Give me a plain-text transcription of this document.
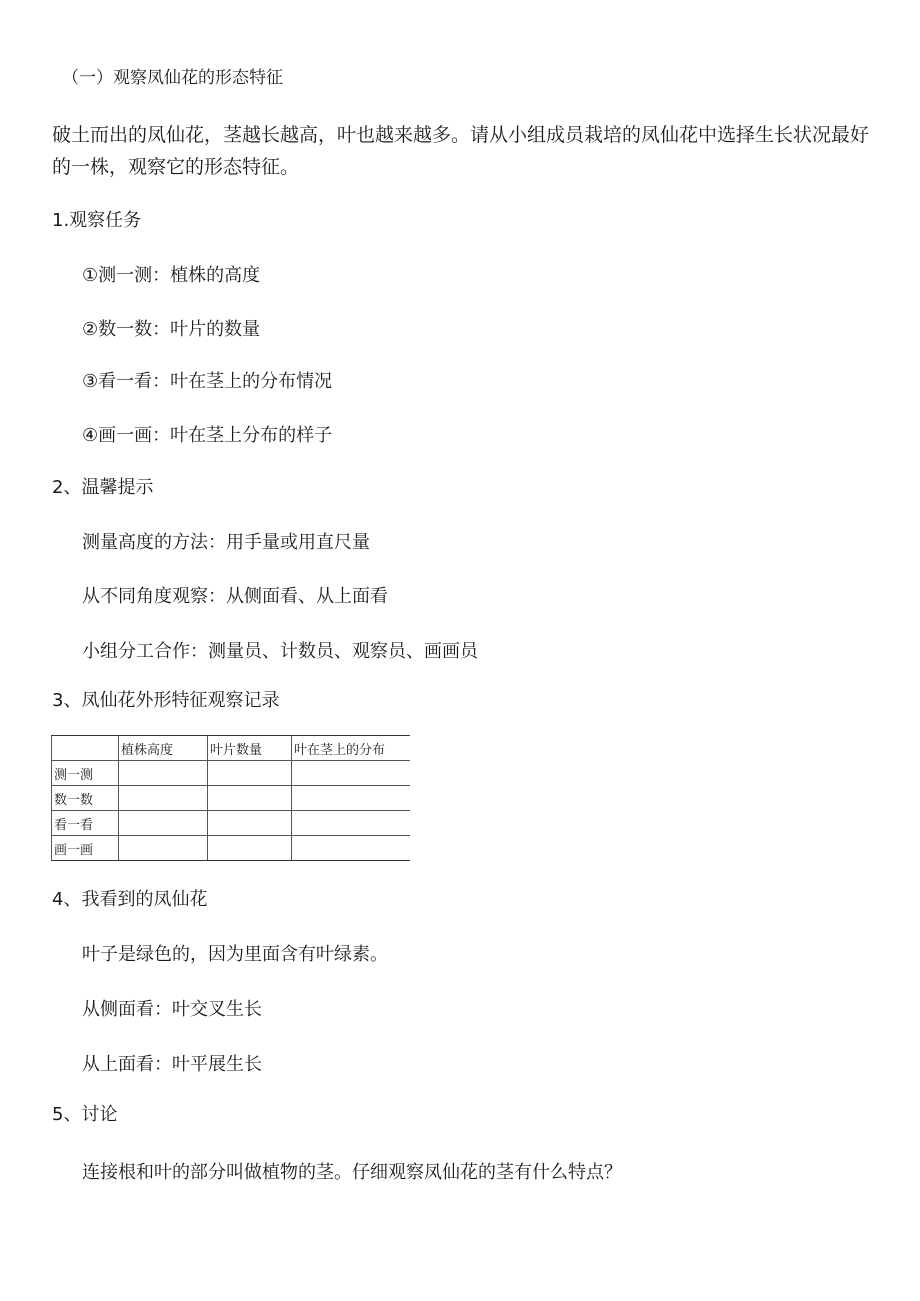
（一）观察凤仙花的形态特征
破土而出的凤仙花，茎越长越高，叶也越来越多。请从小组成员栽培的凤仙花中选择生长状况最好
的一株，观察它的形态特征。
1.观察任务
①测一测：植株的高度
②数一数：叶片的数量
③看一看：叶在茎上的分布情况
④画一画：叶在茎上分布的样子
2、温馨提示
测量高度的方法：用手量或用直尺量
从不同角度观察：从侧面看、从上面看
小组分工合作：测量员、计数员、观察员、画画员
3、凤仙花外形特征观察记录
	植株高度	叶片数量	叶在茎上的分布
测一测			
数一数			
看一看			
画一画			
4、我看到的凤仙花
叶子是绿色的，因为里面含有叶绿素。
从侧面看：叶交叉生长
从上面看：叶平展生长
5、讨论
连接根和叶的部分叫做植物的茎。仔细观察凤仙花的茎有什么特点？
